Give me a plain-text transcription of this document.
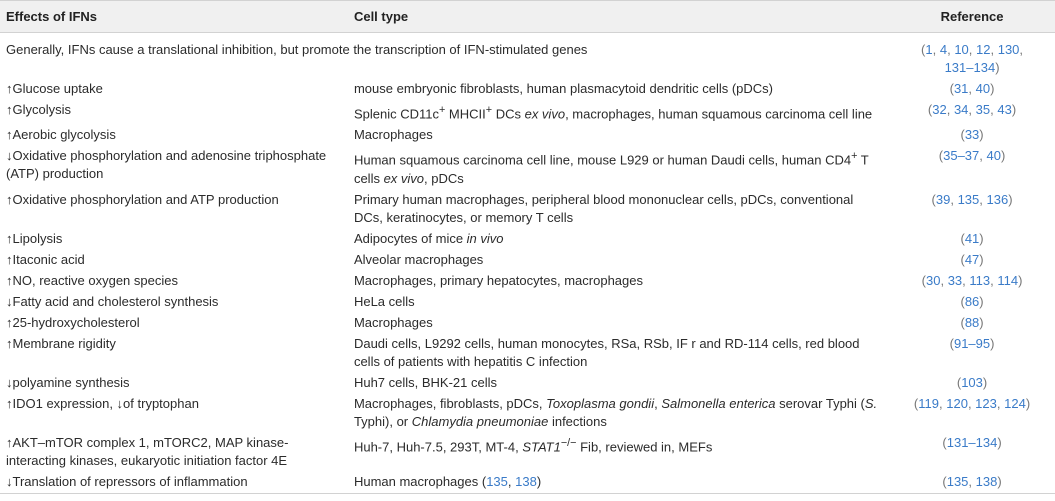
Effects of IFNs	Cell type	Reference
Generally, IFNs cause a translational inhibition, but promote the transcription of IFN-stimulated genes		(1, 4, 10, 12, 130,
131–134)
↑Glucose uptake	mouse embryonic fibroblasts, human plasmacytoid dendritic cells (pDCs)	(31, 40)
↑Glycolysis	Splenic CD11c+ MHCII+ DCs ex vivo, macrophages, human squamous carcinoma cell line	(32, 34, 35, 43)
↑Aerobic glycolysis	Macrophages	(33)
↓Oxidative phosphorylation and adenosine triphosphate (ATP) production	Human squamous carcinoma cell line, mouse L929 or human Daudi cells, human CD4+ T cells ex vivo, pDCs	(35–37, 40)
↑Oxidative phosphorylation and ATP production	Primary human macrophages, peripheral blood mononuclear cells, pDCs, conventional DCs, keratinocytes, or memory T cells	(39, 135, 136)
↑Lipolysis	Adipocytes of mice in vivo	(41)
↑Itaconic acid	Alveolar macrophages	(47)
↑NO, reactive oxygen species	Macrophages, primary hepatocytes, macrophages	(30, 33, 113, 114)
↓Fatty acid and cholesterol synthesis	HeLa cells	(86)
↑25-hydroxycholesterol	Macrophages	(88)
↑Membrane rigidity	Daudi cells, L9292 cells, human monocytes, RSa, RSb, IF r and RD-114 cells, red blood cells of patients with hepatitis C infection	(91–95)
↓polyamine synthesis	Huh7 cells, BHK-21 cells	(103)
↑IDO1 expression, ↓of tryptophan	Macrophages, fibroblasts, pDCs, Toxoplasma gondii, Salmonella enterica serovar Typhi (S. Typhi), or Chlamydia pneumoniae infections	(119, 120, 123, 124)
↑AKT–mTOR complex 1, mTORC2, MAP kinase-interacting kinases, eukaryotic initiation factor 4E	Huh-7, Huh-7.5, 293T, MT-4, STAT1−/− Fib, reviewed in, MEFs	(131–134)
↓Translation of repressors of inflammation	Human macrophages (135, 138)	(135, 138)
